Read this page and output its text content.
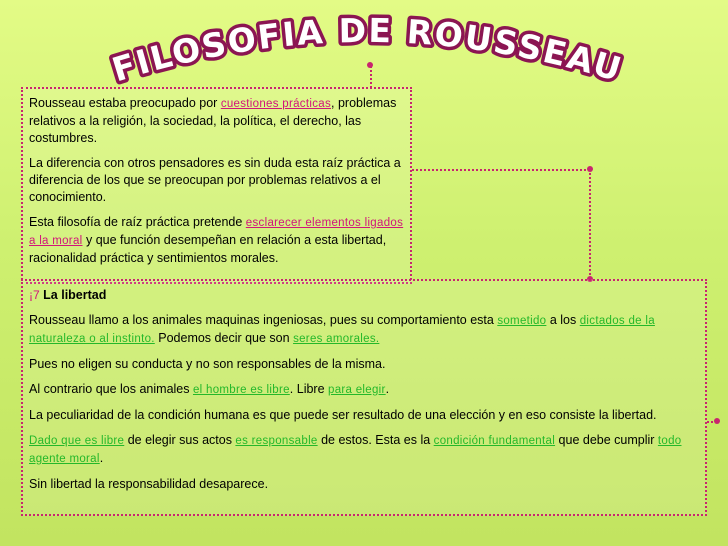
FILOSOFIA DE ROUSSEAU

Rousseau estaba preocupado por cuestiones prácticas, problemas relativos a la religión, la sociedad, la política, el derecho, las costumbres.

La diferencia con otros pensadores es sin duda esta raíz práctica a diferencia de los que se preocupan por problemas relativos a el conocimiento.

Esta filosofía de raíz práctica pretende esclarecer elementos ligados a la moral y que función desempeñan en relación a esta libertad, racionalidad práctica y sentimientos morales.

¡7 La libertad

Rousseau llamo a los animales maquinas ingeniosas, pues su comportamiento esta sometido a los dictados de la naturaleza o al instinto. Podemos decir que son seres amorales.

Pues no eligen su conducta y no son responsables de la misma.

Al contrario que los animales el hombre es libre. Libre para elegir.

La peculiaridad de la condición humana es que puede ser resultado de una elección y en eso consiste la libertad.

Dado que es libre de elegir sus actos es responsable de estos. Esta es la condición fundamental que debe cumplir todo agente moral.

Sin libertad la responsabilidad desaparece.
